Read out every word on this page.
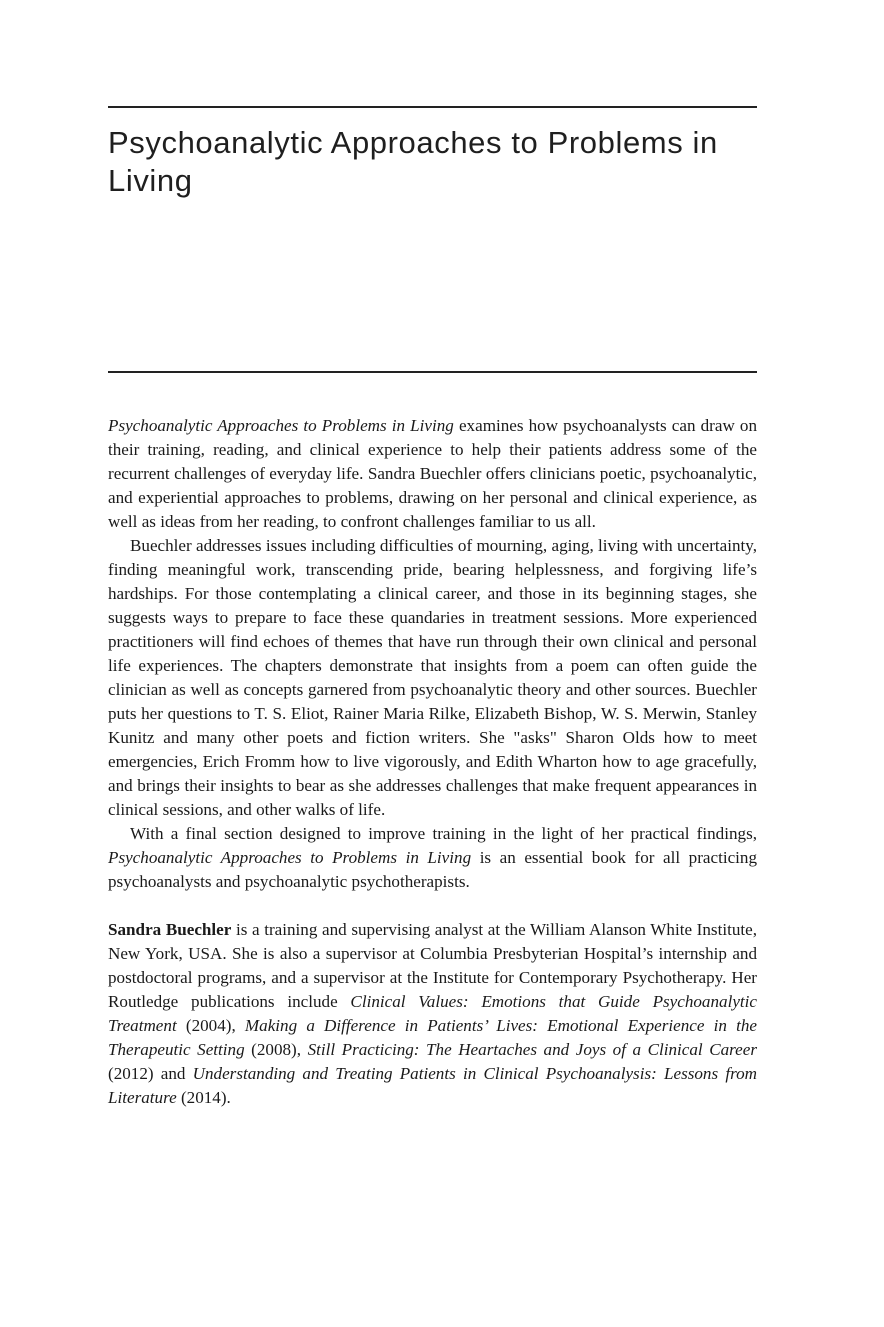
Psychoanalytic Approaches to Problems in Living

Psychoanalytic Approaches to Problems in Living examines how psychoanalysts can draw on their training, reading, and clinical experience to help their patients address some of the recurrent challenges of everyday life. Sandra Buechler offers clinicians poetic, psychoanalytic, and experiential approaches to problems, drawing on her personal and clinical experience, as well as ideas from her reading, to confront challenges familiar to us all.

Buechler addresses issues including difficulties of mourning, aging, living with uncertainty, finding meaningful work, transcending pride, bearing helplessness, and forgiving life’s hardships. For those contemplating a clinical career, and those in its beginning stages, she suggests ways to prepare to face these quandaries in treatment sessions. More experienced practitioners will find echoes of themes that have run through their own clinical and personal life experiences. The chapters demonstrate that insights from a poem can often guide the clinician as well as concepts garnered from psychoanalytic theory and other sources. Buechler puts her questions to T. S. Eliot, Rainer Maria Rilke, Elizabeth Bishop, W. S. Merwin, Stanley Kunitz and many other poets and fiction writers. She "asks" Sharon Olds how to meet emergencies, Erich Fromm how to live vigorously, and Edith Wharton how to age gracefully, and brings their insights to bear as she addresses challenges that make frequent appearances in clinical sessions, and other walks of life.

With a final section designed to improve training in the light of her practical findings, Psychoanalytic Approaches to Problems in Living is an essential book for all practicing psychoanalysts and psychoanalytic psychotherapists.

Sandra Buechler is a training and supervising analyst at the William Alanson White Institute, New York, USA. She is also a supervisor at Columbia Presbyterian Hospital’s internship and postdoctoral programs, and a supervisor at the Institute for Contemporary Psychotherapy. Her Routledge publications include Clinical Values: Emotions that Guide Psychoanalytic Treatment (2004), Making a Difference in Patients’ Lives: Emotional Experience in the Therapeutic Setting (2008), Still Practicing: The Heartaches and Joys of a Clinical Career (2012) and Understanding and Treating Patients in Clinical Psychoanalysis: Lessons from Literature (2014).
